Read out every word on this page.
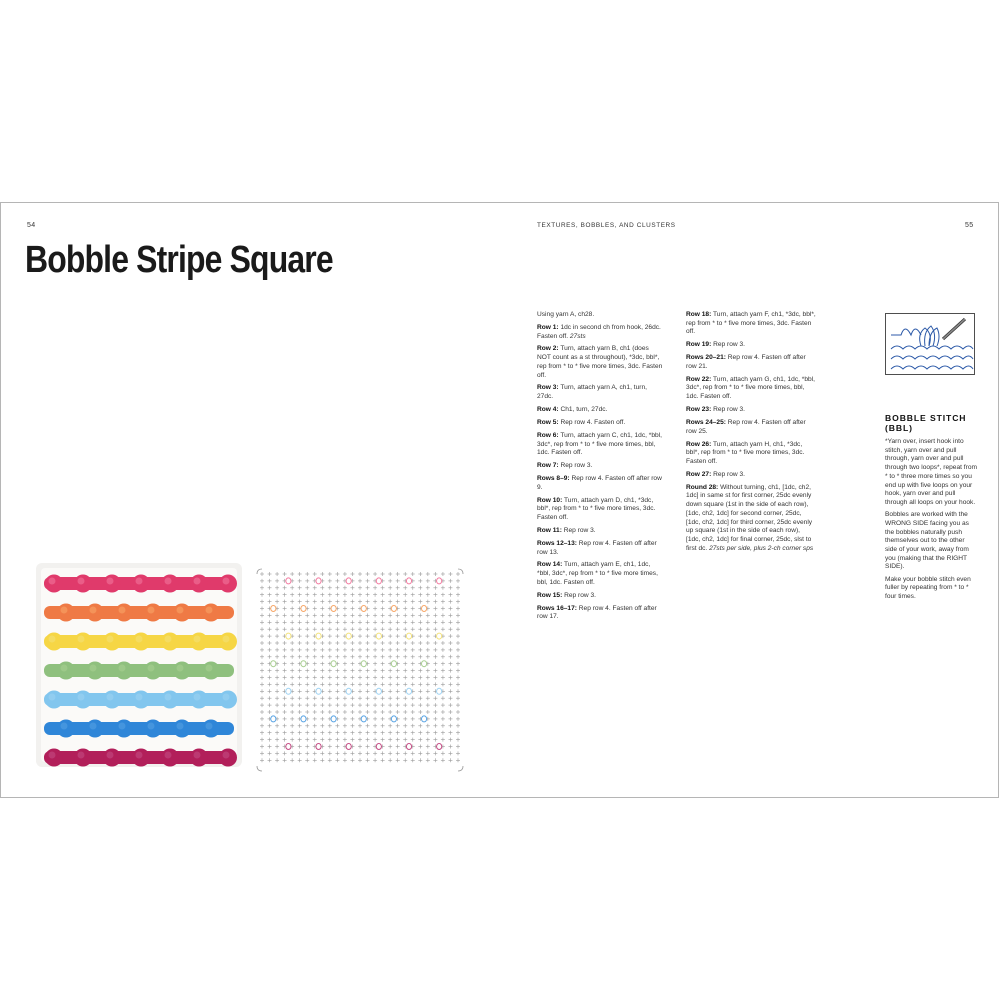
54	TEXTURES, BOBBLES, AND CLUSTERS	55
Bobble Stripe Square

Using yarn A, ch28.

Row 1: 1dc in second ch from hook, 26dc. Fasten off. 27sts

Row 2: Turn, attach yarn B, ch1 (does NOT count as a st throughout), *3dc, bbl*, rep from * to * five more times, 3dc. Fasten off.

Row 3: Turn, attach yarn A, ch1, turn, 27dc.

Row 4: Ch1, turn, 27dc.

Row 5: Rep row 4. Fasten off.

Row 6: Turn, attach yarn C, ch1, 1dc, *bbl, 3dc*, rep from * to * five more times, bbl, 1dc. Fasten off.

Row 7: Rep row 3.

Rows 8–9: Rep row 4. Fasten off after row 9.

Row 10: Turn, attach yarn D, ch1, *3dc, bbl*, rep from * to * five more times, 3dc. Fasten off.

Row 11: Rep row 3.

Rows 12–13: Rep row 4. Fasten off after row 13.

Row 14: Turn, attach yarn E, ch1, 1dc, *bbl, 3dc*, rep from * to * five more times, bbl, 1dc. Fasten off.

Row 15: Rep row 3.

Rows 16–17: Rep row 4. Fasten off after row 17.

Row 18: Turn, attach yarn F, ch1, *3dc, bbl*, rep from * to * five more times, 3dc. Fasten off.

Row 19: Rep row 3.

Rows 20–21: Rep row 4. Fasten off after row 21.

Row 22: Turn, attach yarn G, ch1, 1dc, *bbl, 3dc*, rep from * to * five more times, bbl, 1dc. Fasten off.

Row 23: Rep row 3.

Rows 24–25: Rep row 4. Fasten off after row 25.

Row 26: Turn, attach yarn H, ch1, *3dc, bbl*, rep from * to * five more times, 3dc. Fasten off.

Row 27: Rep row 3.

Round 28: Without turning, ch1, [1dc, ch2, 1dc] in same st for first corner, 25dc evenly down square (1st in the side of each row), [1dc, ch2, 1dc] for second corner, 25dc, [1dc, ch2, 1dc] for third corner, 25dc evenly up square (1st in the side of each row), [1dc, ch2, 1dc] for final corner, 25dc, slst to first dc. 27sts per side, plus 2-ch corner sps

BOBBLE STITCH (BBL)

*Yarn over, insert hook into stitch, yarn over and pull through, yarn over and pull through two loops*, repeat from * to * three more times so you end up with five loops on your hook, yarn over and pull through all loops on your hook.

Bobbles are worked with the WRONG SIDE facing you as the bobbles naturally push themselves out to the other side of your work, away from you (making that the RIGHT SIDE).

Make your bobble stitch even fuller by repeating from * to * four times.
